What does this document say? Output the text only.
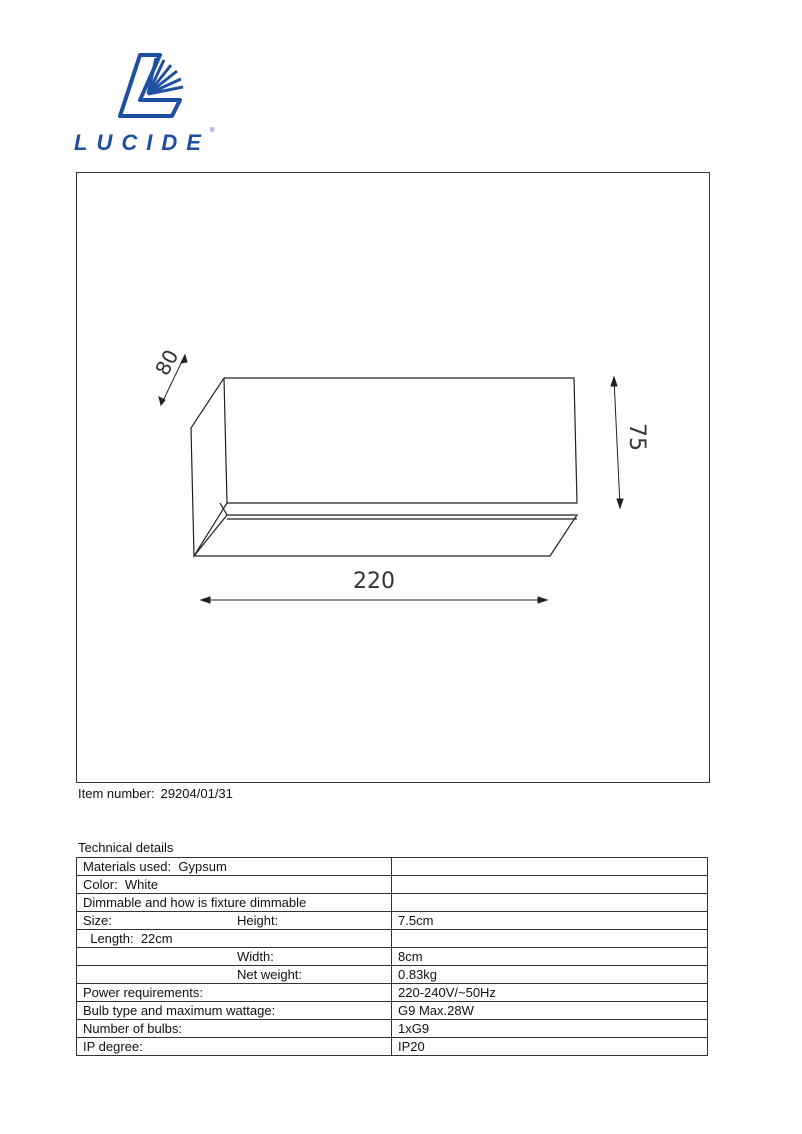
LUCIDE ®
80
75
220
Item number: 29204/01/31
Technical details
Materials used:  Gypsum

Color:  White

Dimmable and how is fixture dimmable

Size: Height:	7.5cm
Length:  22cm

Width:	8cm

Net weight:	0.83kg
Power requirements:	220-240V/~50Hz
Bulb type and maximum wattage:	G9 Max.28W
Number of bulbs:	1xG9
IP degree:	IP20
